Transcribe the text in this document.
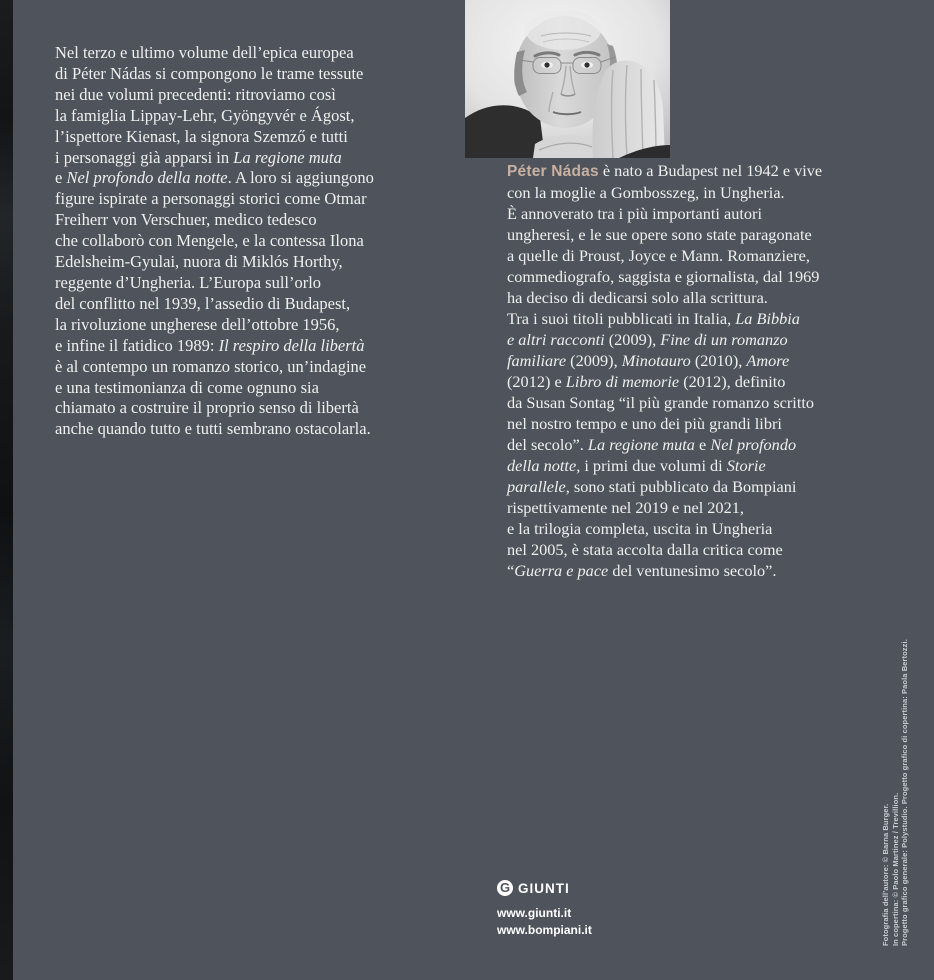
Nel terzo e ultimo volume dell’epica europea
di Péter Nádas si compongono le trame tessute
nei due volumi precedenti: ritroviamo così
la famiglia Lippay-Lehr, Gyöngyvér e Ágost,
l’ispettore Kienast, la signora Szemző e tutti
i personaggi già apparsi in La regione muta
e Nel profondo della notte. A loro si aggiungono
figure ispirate a personaggi storici come Otmar
Freiherr von Verschuer, medico tedesco
che collaborò con Mengele, e la contessa Ilona
Edelsheim-Gyulai, nuora di Miklós Horthy,
reggente d’Ungheria. L’Europa sull’orlo
del conflitto nel 1939, l’assedio di Budapest,
la rivoluzione ungherese dell’ottobre 1956,
e infine il fatidico 1989: Il respiro della libertà
è al contempo un romanzo storico, un’indagine
e una testimonianza di come ognuno sia
chiamato a costruire il proprio senso di libertà
anche quando tutto e tutti sembrano ostacolarla.
Péter Nádas è nato a Budapest nel 1942 e vive
con la moglie a Gombosszeg, in Ungheria.
È annoverato tra i più importanti autori
ungheresi, e le sue opere sono state paragonate
a quelle di Proust, Joyce e Mann. Romanziere,
commediografo, saggista e giornalista, dal 1969
ha deciso di dedicarsi solo alla scrittura.
Tra i suoi titoli pubblicati in Italia, La Bibbia
e altri racconti (2009), Fine di un romanzo
familiare (2009), Minotauro (2010), Amore
(2012) e Libro di memorie (2012), definito
da Susan Sontag “il più grande romanzo scritto
nel nostro tempo e uno dei più grandi libri
del secolo”. La regione muta e Nel profondo
della notte, i primi due volumi di Storie
parallele, sono stati pubblicato da Bompiani
rispettivamente nel 2019 e nel 2021,
e la trilogia completa, uscita in Ungheria
nel 2005, è stata accolta dalla critica come
“Guerra e pace del ventunesimo secolo”.
G GIUNTI
www.giunti.it
www.bompiani.it	Fotografia dell’autore: © Barna Burger. In copertina: © Paolo Martinez / Trevillion. Progetto grafico generale: Polystudio. Progetto grafico di copertina: Paola Bertozzi.
